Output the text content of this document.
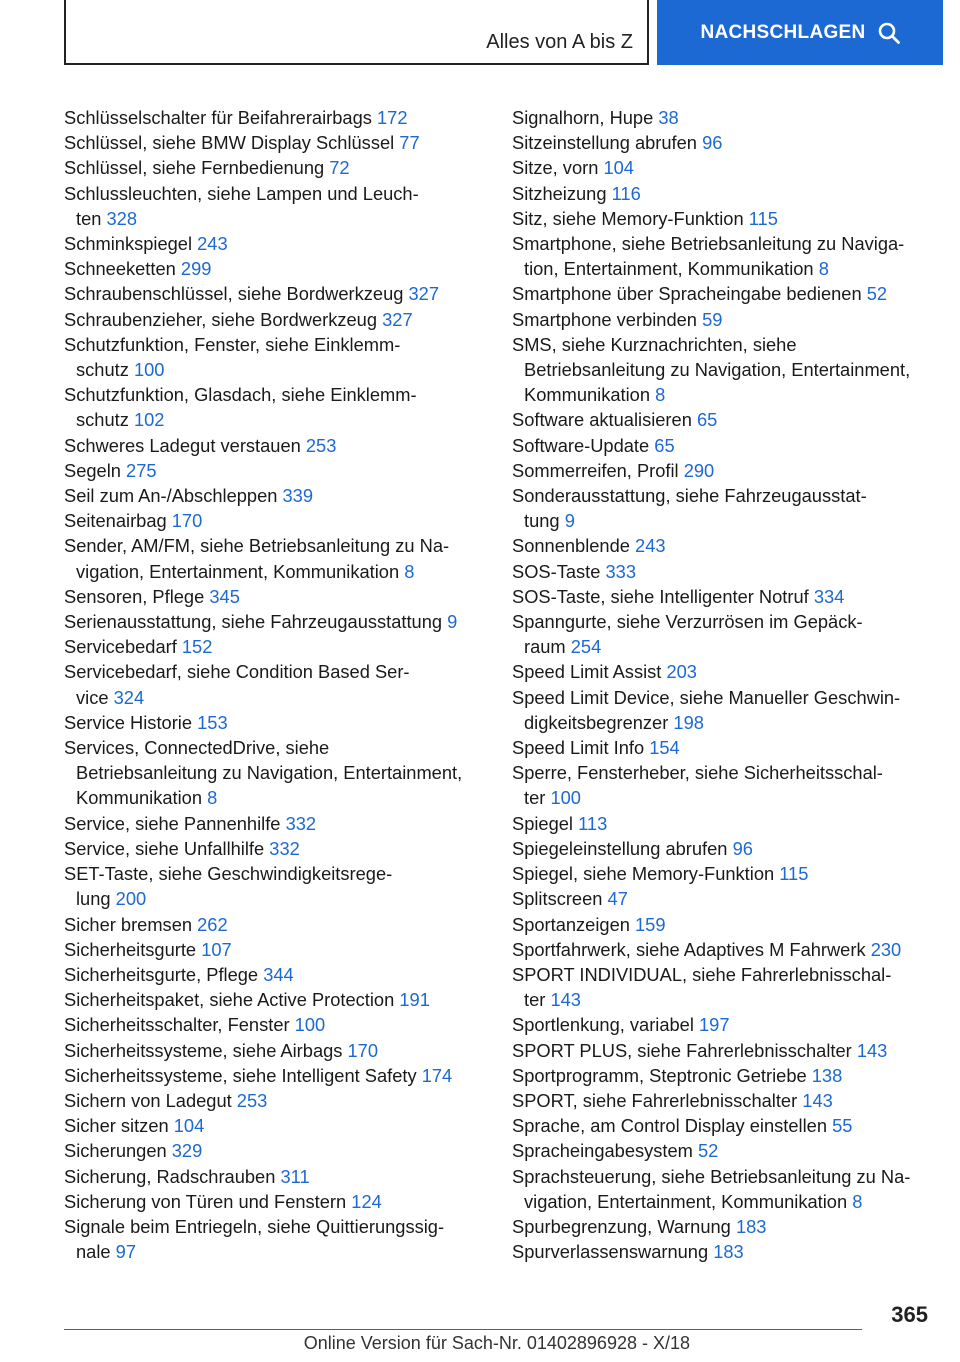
Alles von A bis Z	NACHSCHLAGEN
Schlüsselschalter für Beifahrerairbags 172
Schlüssel, siehe BMW Display Schlüssel 77
Schlüssel, siehe Fernbedienung 72
Schlussleuchten, siehe Lampen und Leuch-
ten 328
Schminkspiegel 243
Schneeketten 299
Schraubenschlüssel, siehe Bordwerkzeug 327
Schraubenzieher, siehe Bordwerkzeug 327
Schutzfunktion, Fenster, siehe Einklemm-
schutz 100
Schutzfunktion, Glasdach, siehe Einklemm-
schutz 102
Schweres Ladegut verstauen 253
Segeln 275
Seil zum An-/Abschleppen 339
Seitenairbag 170
Sender, AM/FM, siehe Betriebsanleitung zu Na-
vigation, Entertainment, Kommunikation 8
Sensoren, Pflege 345
Serienausstattung, siehe Fahrzeugausstattung 9
Servicebedarf 152
Servicebedarf, siehe Condition Based Ser-
vice 324
Service Historie 153
Services, ConnectedDrive, siehe
Betriebsanleitung zu Navigation, Entertainment,
Kommunikation 8
Service, siehe Pannenhilfe 332
Service, siehe Unfallhilfe 332
SET-Taste, siehe Geschwindigkeitsrege-
lung 200
Sicher bremsen 262
Sicherheitsgurte 107
Sicherheitsgurte, Pflege 344
Sicherheitspaket, siehe Active Protection 191
Sicherheitsschalter, Fenster 100
Sicherheitssysteme, siehe Airbags 170
Sicherheitssysteme, siehe Intelligent Safety 174
Sichern von Ladegut 253
Sicher sitzen 104
Sicherungen 329
Sicherung, Radschrauben 311
Sicherung von Türen und Fenstern 124
Signale beim Entriegeln, siehe Quittierungssig-
nale 97
Signalhorn, Hupe 38
Sitzeinstellung abrufen 96
Sitze, vorn 104
Sitzheizung 116
Sitz, siehe Memory-Funktion 115
Smartphone, siehe Betriebsanleitung zu Naviga-
tion, Entertainment, Kommunikation 8
Smartphone über Spracheingabe bedienen 52
Smartphone verbinden 59
SMS, siehe Kurznachrichten, siehe
Betriebsanleitung zu Navigation, Entertainment,
Kommunikation 8
Software aktualisieren 65
Software-Update 65
Sommerreifen, Profil 290
Sonderausstattung, siehe Fahrzeugausstat-
tung 9
Sonnenblende 243
SOS-Taste 333
SOS-Taste, siehe Intelligenter Notruf 334
Spanngurte, siehe Verzurrösen im Gepäck-
raum 254
Speed Limit Assist 203
Speed Limit Device, siehe Manueller Geschwin-
digkeitsbegrenzer 198
Speed Limit Info 154
Sperre, Fensterheber, siehe Sicherheitsschal-
ter 100
Spiegel 113
Spiegeleinstellung abrufen 96
Spiegel, siehe Memory-Funktion 115
Splitscreen 47
Sportanzeigen 159
Sportfahrwerk, siehe Adaptives M Fahrwerk 230
SPORT INDIVIDUAL, siehe Fahrerlebnisschal-
ter 143
Sportlenkung, variabel 197
SPORT PLUS, siehe Fahrerlebnisschalter 143
Sportprogramm, Steptronic Getriebe 138
SPORT, siehe Fahrerlebnisschalter 143
Sprache, am Control Display einstellen 55
Spracheingabesystem 52
Sprachsteuerung, siehe Betriebsanleitung zu Na-
vigation, Entertainment, Kommunikation 8
Spurbegrenzung, Warnung 183
Spurverlassenswarnung 183
365
Online Version für Sach-Nr. 01402896928 - X/18
